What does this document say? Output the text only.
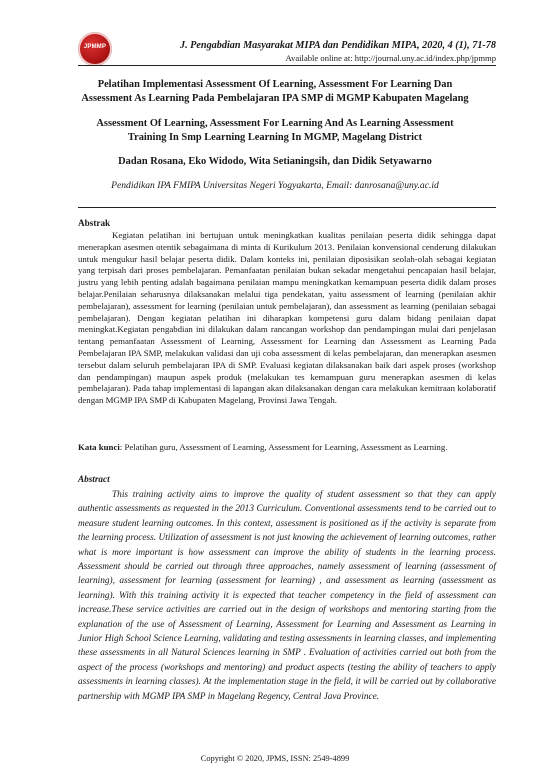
JPMMP	J. Pengabdian Masyarakat MIPA dan Pendidikan MIPA, 2020, 4 (1), 71-78
Available online at: http://journal.uny.ac.id/index.php/jpmmp
Pelatihan Implementasi Assessment Of Learning, Assessment For Learning Dan
Assessment As Learning Pada Pembelajaran IPA SMP di MGMP Kabupaten Magelang
Assessment Of Learning, Assessment For Learning And As Learning Assessment
Training In Smp Learning Learning In MGMP, Magelang District
Dadan Rosana, Eko Widodo, Wita Setianingsih, dan Didik Setyawarno
Pendidikan IPA FMIPA Universitas Negeri Yogyakarta, Email: danrosana@uny.ac.id
Abstrak
Kegiatan pelatihan ini bertujuan untuk meningkatkan kualitas penilaian peserta didik sehingga dapat menerapkan asesmen otentik sebagaimana di minta di Kurikulum 2013. Penilaian konvensional cenderung dilakukan untuk mengukur hasil belajar peserta didik. Dalam konteks ini, penilaian diposisikan seolah-olah sebagai kegiatan yang terpisah dari proses pembelajaran. Pemanfaatan penilaian bukan sekadar mengetahui pencapaian hasil belajar, justru yang lebih penting adalah bagaimana penilaian mampu meningkatkan kemampuan peserta didik dalam proses belajar.Penilaian seharusnya dilaksanakan melalui tiga pendekatan, yaitu assessment of learning (penilaian akhir pembelajaran), assessment for learning (penilaian untuk pembelajaran), dan assessment as learning (penilaian sebagai pembelajaran). Dengan kegiatan pelatihan ini diharapkan kompetensi guru dalam bidang penilaian dapat meningkat.Kegiatan pengabdian ini dilakukan dalam rancangan workshop dan pendampingan mulai dari penjelasan tentang pemanfaatan Assessment of Learning, Assessment for Learning dan Assessment as Learning Pada Pembelajaran IPA SMP, melakukan validasi dan uji coba assessment di kelas pembelajaran, dan menerapkan asesmen tersebut dalam seluruh pembelajaran IPA di SMP. Evaluasi kegiatan dilaksanakan baik dari aspek proses (workshop dan pendampingan) maupun aspek produk (melakukan tes kemampuan guru menerapkan asesmen di kelas pembelajaran). Pada tahap implementasi di lapangan akan dilaksanakan dengan cara melakukan kemitraan kolaboratif dengan MGMP IPA SMP di Kabupaten Magelang, Provinsi Jawa Tengah.
Kata kunci: Pelatihan guru, Assessment of Learning, Assessment for Learning, Assessment as Learning.
Abstract
This training activity aims to improve the quality of student assessment so that they can apply authentic assessments as requested in the 2013 Curriculum. Conventional assessments tend to be carried out to measure student learning outcomes. In this context, assessment is positioned as if the activity is separate from the learning process. Utilization of assessment is not just knowing the achievement of learning outcomes, rather what is more important is how assessment can improve the ability of students in the learning process. Assessment should be carried out through three approaches, namely assessment of learning (assessment of learning), assessment for learning (assessment for learning) , and assessment as learning (assessment as learning). With this training activity it is expected that teacher competency in the field of assessment can increase.These service activities are carried out in the design of workshops and mentoring starting from the explanation of the use of Assessment of Learning, Assessment for Learning and Assessment as Learning in Junior High School Science Learning, validating and testing assessments in learning classes, and implementing these assessments in all Natural Sciences learning in SMP . Evaluation of activities carried out both from the aspect of the process (workshops and mentoring) and product aspects (testing the ability of teachers to apply assessments in learning classes). At the implementation stage in the field, it will be carried out by collaborative partnership with MGMP IPA SMP in Magelang Regency, Central Java Province.
Copyright © 2020, JPMS, ISSN: 2549-4899
